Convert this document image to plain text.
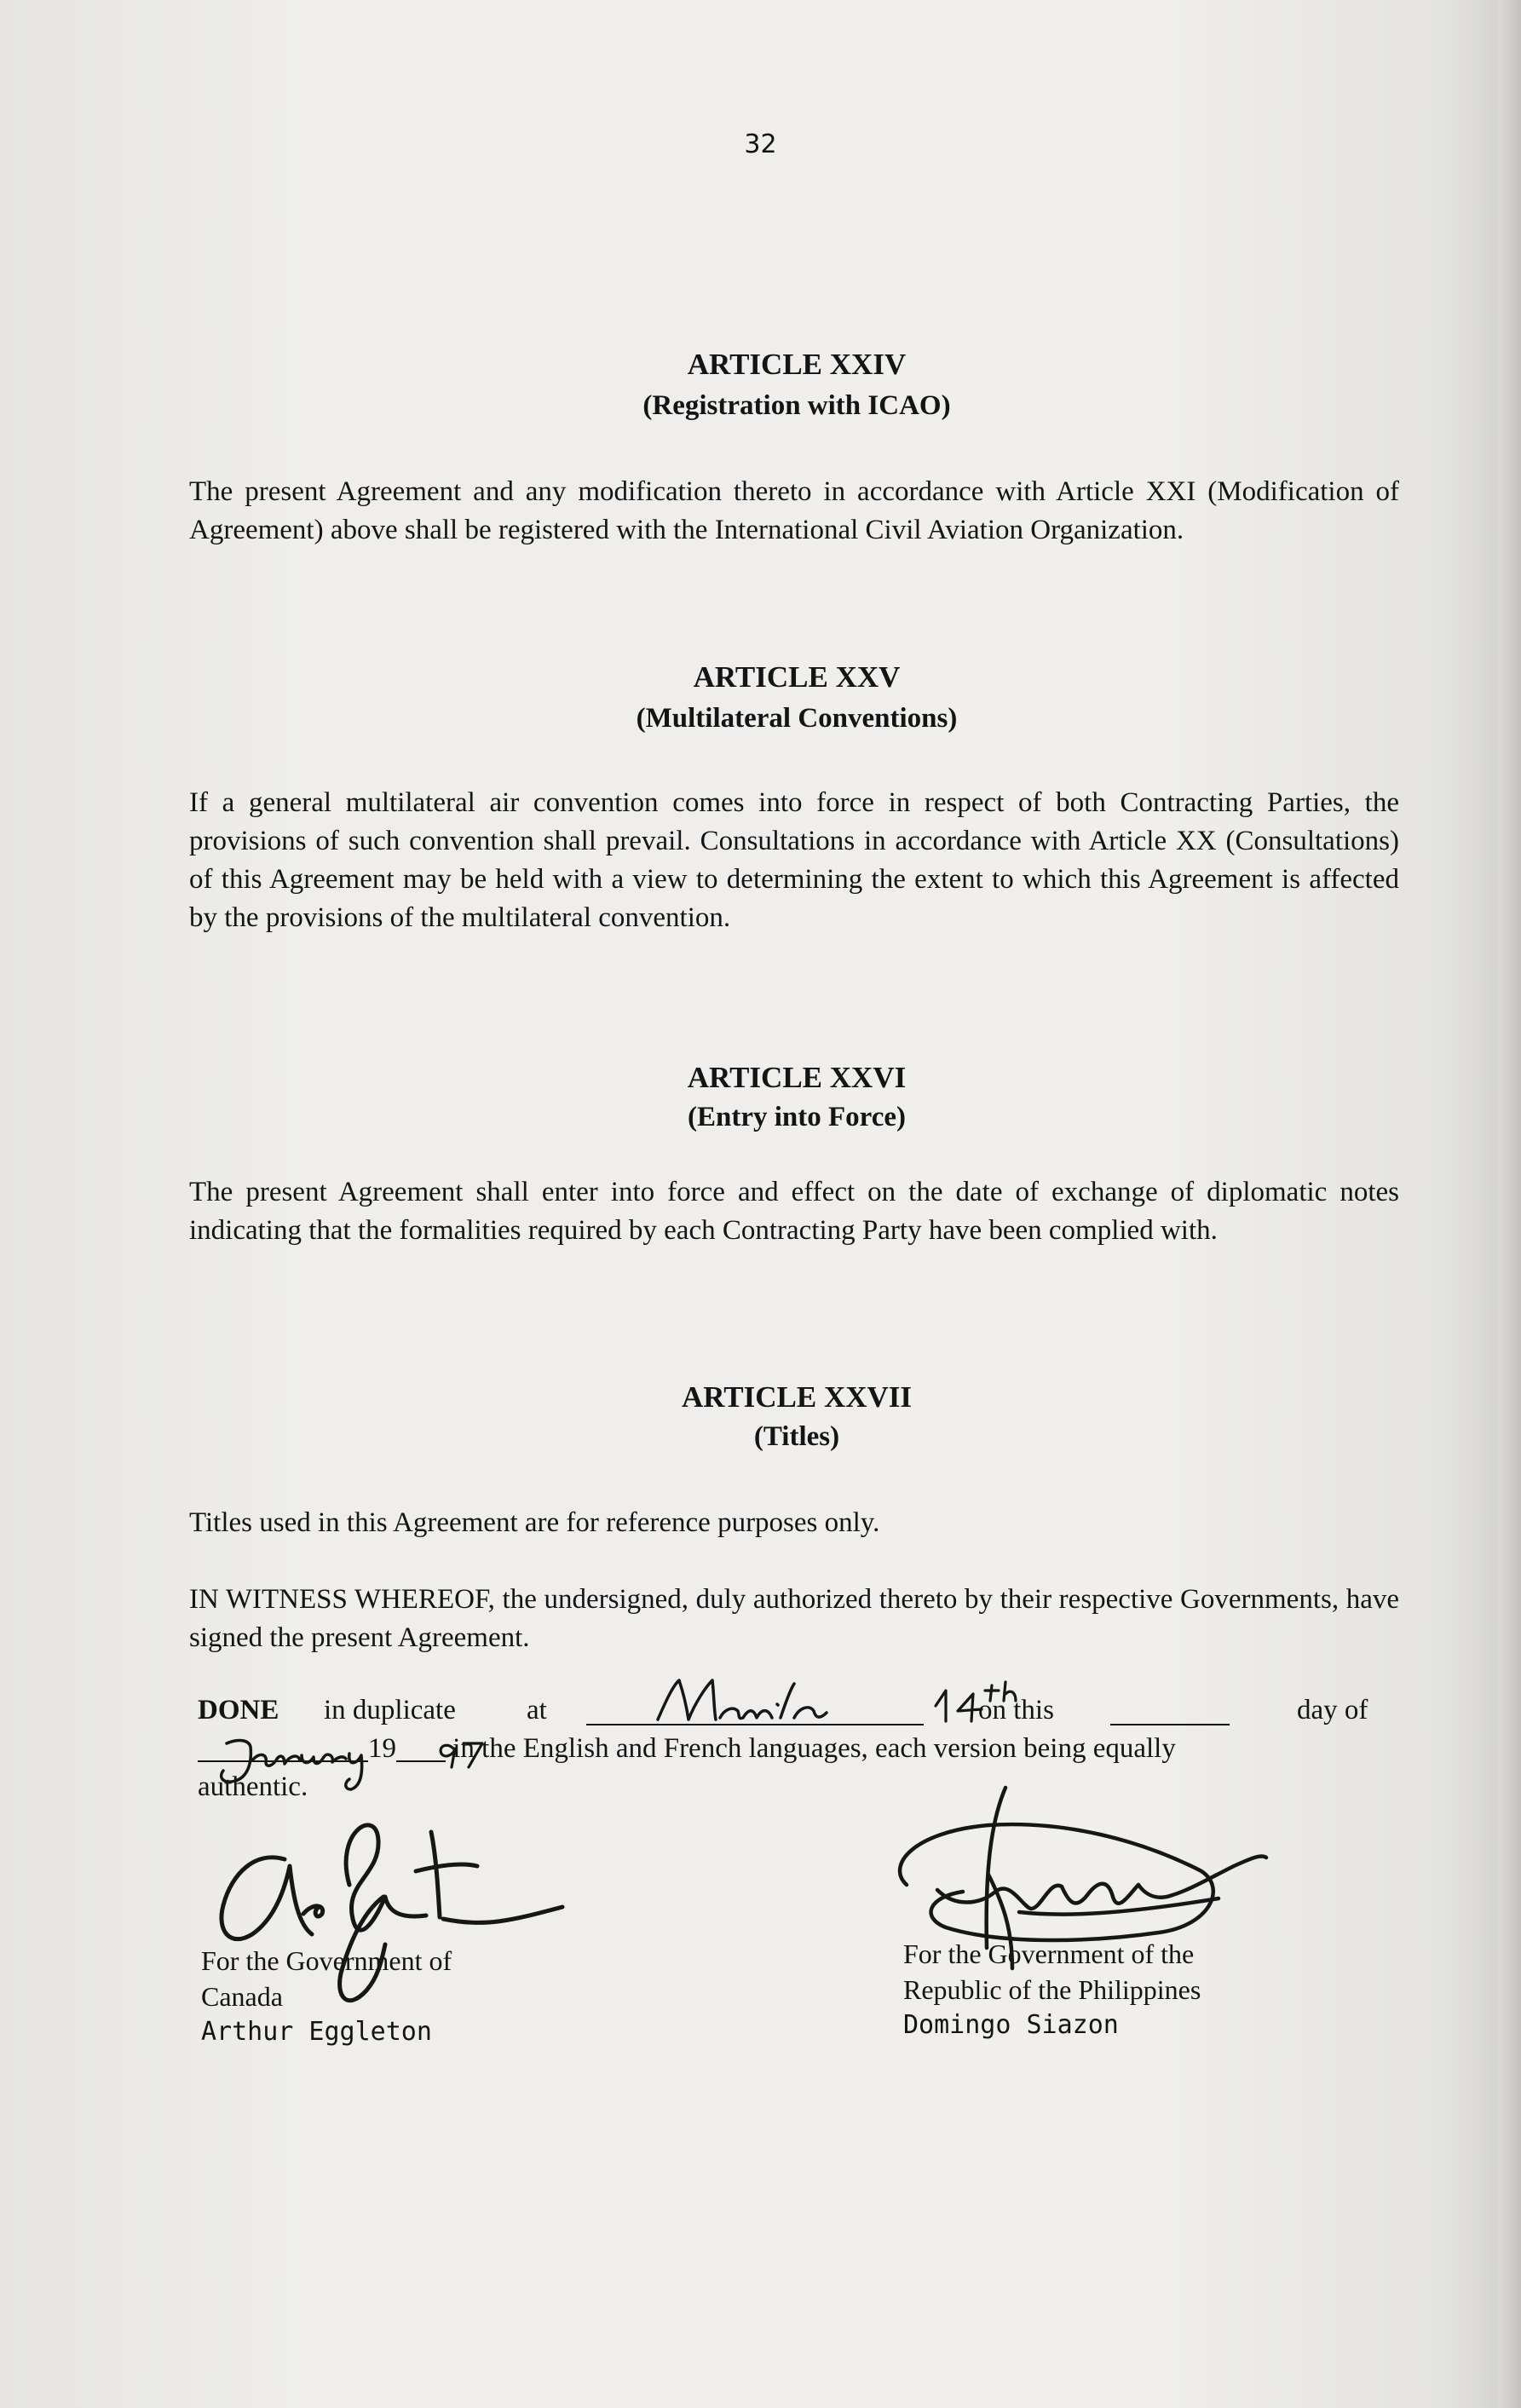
32
ARTICLE XXIV
(Registration with ICAO)

The present Agreement and any modification thereto in accordance with Article XXI (Modification of Agreement) above shall be registered with the International Civil Aviation Organization.

ARTICLE XXV
(Multilateral Conventions)

If a general multilateral air convention comes into force in respect of both Contracting Parties, the provisions of such convention shall prevail. Consultations in accordance with Article XX (Consultations) of this Agreement may be held with a view to determining the extent to which this Agreement is affected by the provisions of the multilateral convention.

ARTICLE XXVI
(Entry into Force)

The present Agreement shall enter into force and effect on the date of exchange of diplomatic notes indicating that the formalities required by each Contracting Party have been complied with.

ARTICLE XXVII
(Titles)

Titles used in this Agreement are for reference purposes only.

IN WITNESS WHEREOF, the undersigned, duly authorized thereto by their respective Governments, have signed the present Agreement.

DONE in duplicate	at	on this	day of
19 in the English and French languages, each version being equally
authentic.
For the Government of
Canada
Arthur Eggleton
For the Government of the
Republic of the Philippines
Domingo Siazon
